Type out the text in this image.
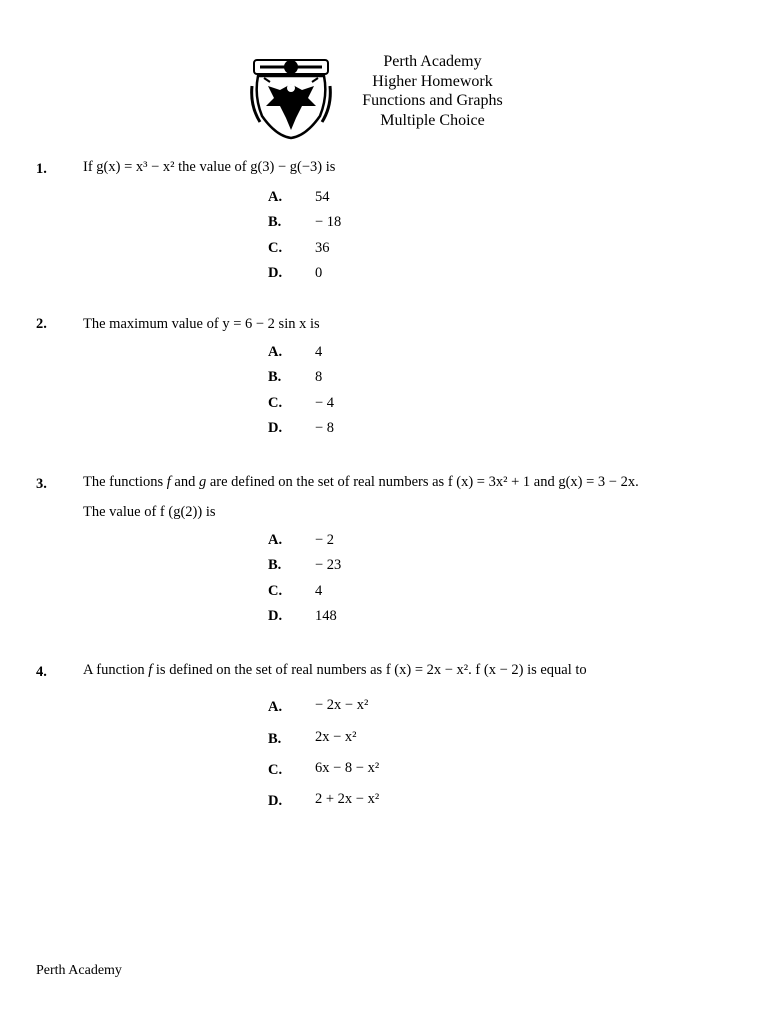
Perth Academy
Higher Homework
Functions and Graphs
Multiple Choice
1. If g(x) = x³ − x² the value of g(3) − g(−3) is
A. 54
B. − 18
C. 36
D. 0
2. The maximum value of y = 6 − 2 sin x is
A. 4
B. 8
C. − 4
D. − 8
3. The functions f and g are defined on the set of real numbers as f (x) = 3x² + 1 and g(x) = 3 − 2x.
The value of f (g(2)) is
A. − 2
B. − 23
C. 4
D. 148
4. A function f is defined on the set of real numbers as f (x) = 2x − x². f (x − 2) is equal to
A. − 2x − x²
B. 2x − x²
C. 6x − 8 − x²
D. 2 + 2x − x²
Perth Academy
